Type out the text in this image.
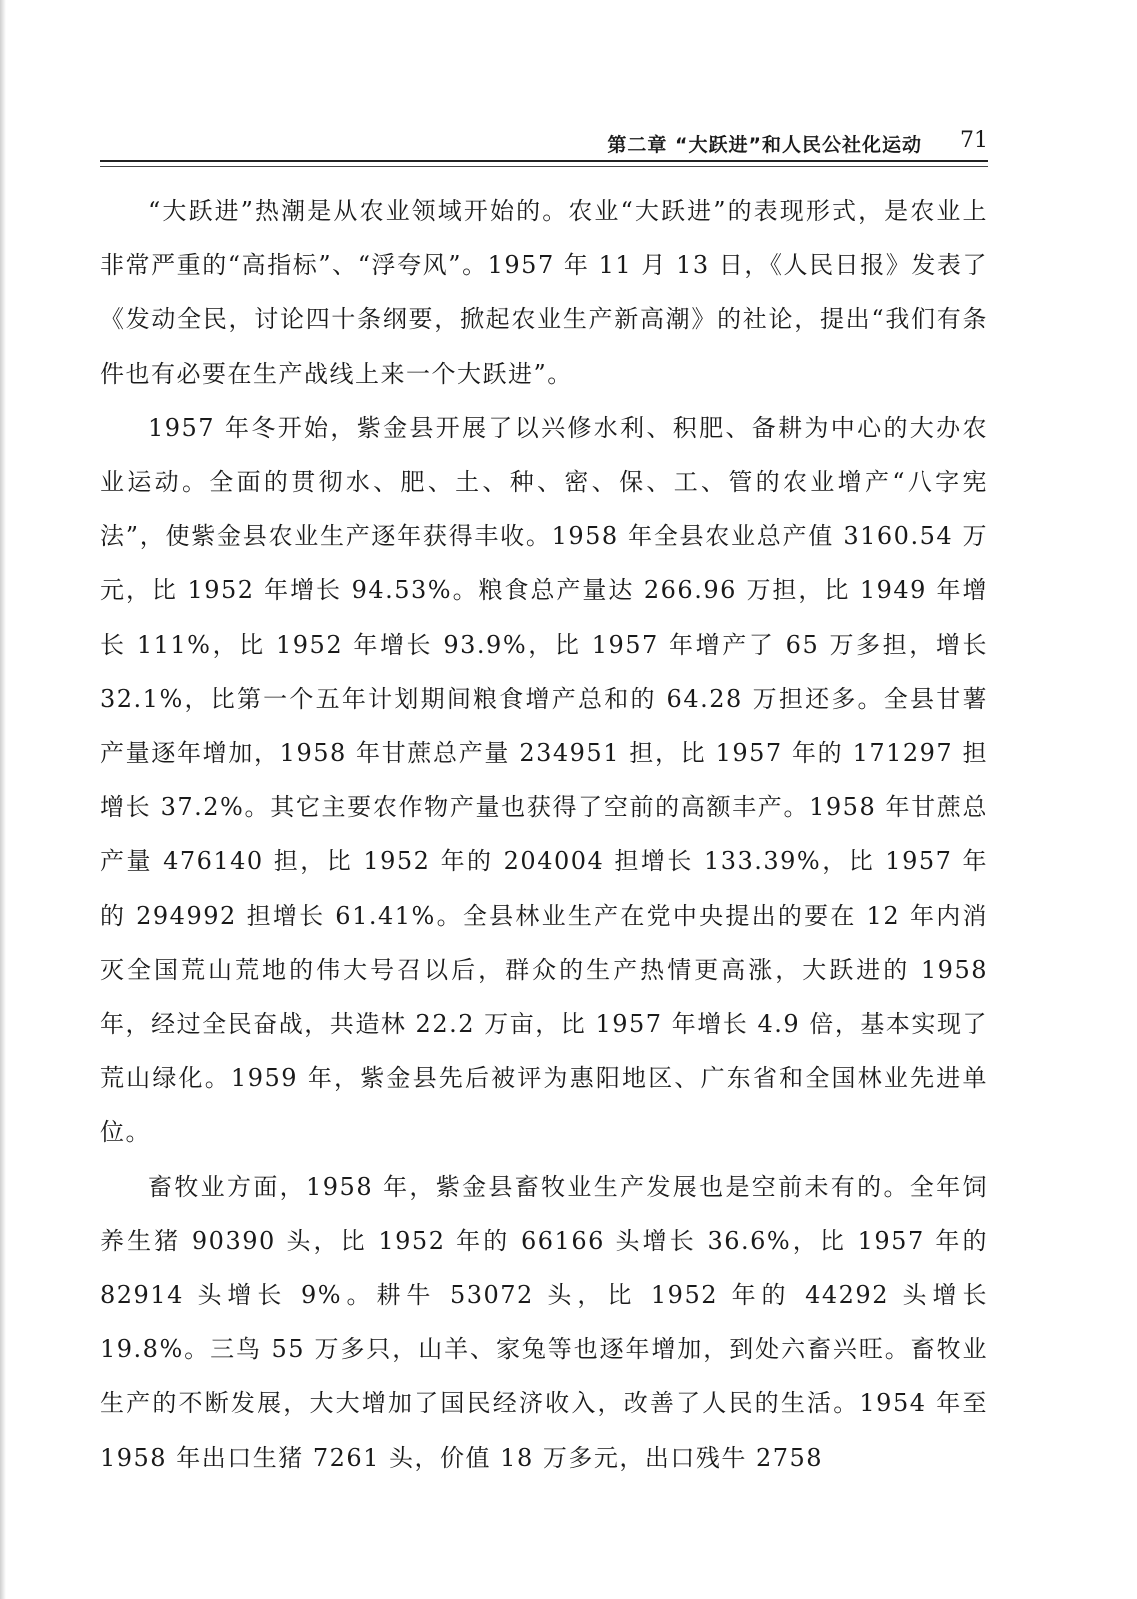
第二章 “大跃进”和人民公社化运动 71

“大跃进”热潮是从农业领域开始的。农业“大跃进”的表现形式，是农业上非常严重的“高指标”、“浮夸风”。1957 年 11 月 13 日，《人民日报》发表了《发动全民，讨论四十条纲要，掀起农业生产新高潮》的社论，提出“我们有条件也有必要在生产战线上来一个大跃进”。

1957 年冬开始，紫金县开展了以兴修水利、积肥、备耕为中心的大办农业运动。全面的贯彻水、肥、土、种、密、保、工、管的农业增产“八字宪法”，使紫金县农业生产逐年获得丰收。1958 年全县农业总产值 3160.54 万元，比 1952 年增长 94.53%。粮食总产量达 266.96 万担，比 1949 年增长 111%，比 1952 年增长 93.9%，比 1957 年增产了 65 万多担，增长 32.1%，比第一个五年计划期间粮食增产总和的 64.28 万担还多。全县甘薯产量逐年增加，1958 年甘蔗总产量 234951 担，比 1957 年的 171297 担增长 37.2%。其它主要农作物产量也获得了空前的高额丰产。1958 年甘蔗总产量 476140 担，比 1952 年的 204004 担增长 133.39%，比 1957 年的 294992 担增长 61.41%。全县林业生产在党中央提出的要在 12 年内消灭全国荒山荒地的伟大号召以后，群众的生产热情更高涨，大跃进的 1958 年，经过全民奋战，共造林 22.2 万亩，比 1957 年增长 4.9 倍，基本实现了荒山绿化。1959 年，紫金县先后被评为惠阳地区、广东省和全国林业先进单位。

畜牧业方面，1958 年，紫金县畜牧业生产发展也是空前未有的。全年饲养生猪 90390 头，比 1952 年的 66166 头增长 36.6%，比 1957 年的 82914 头增长 9%。耕牛 53072 头，比 1952 年的 44292 头增长 19.8%。三鸟 55 万多只，山羊、家兔等也逐年增加，到处六畜兴旺。畜牧业生产的不断发展，大大增加了国民经济收入，改善了人民的生活。1954 年至 1958 年出口生猪 7261 头，价值 18 万多元，出口残牛 2758
